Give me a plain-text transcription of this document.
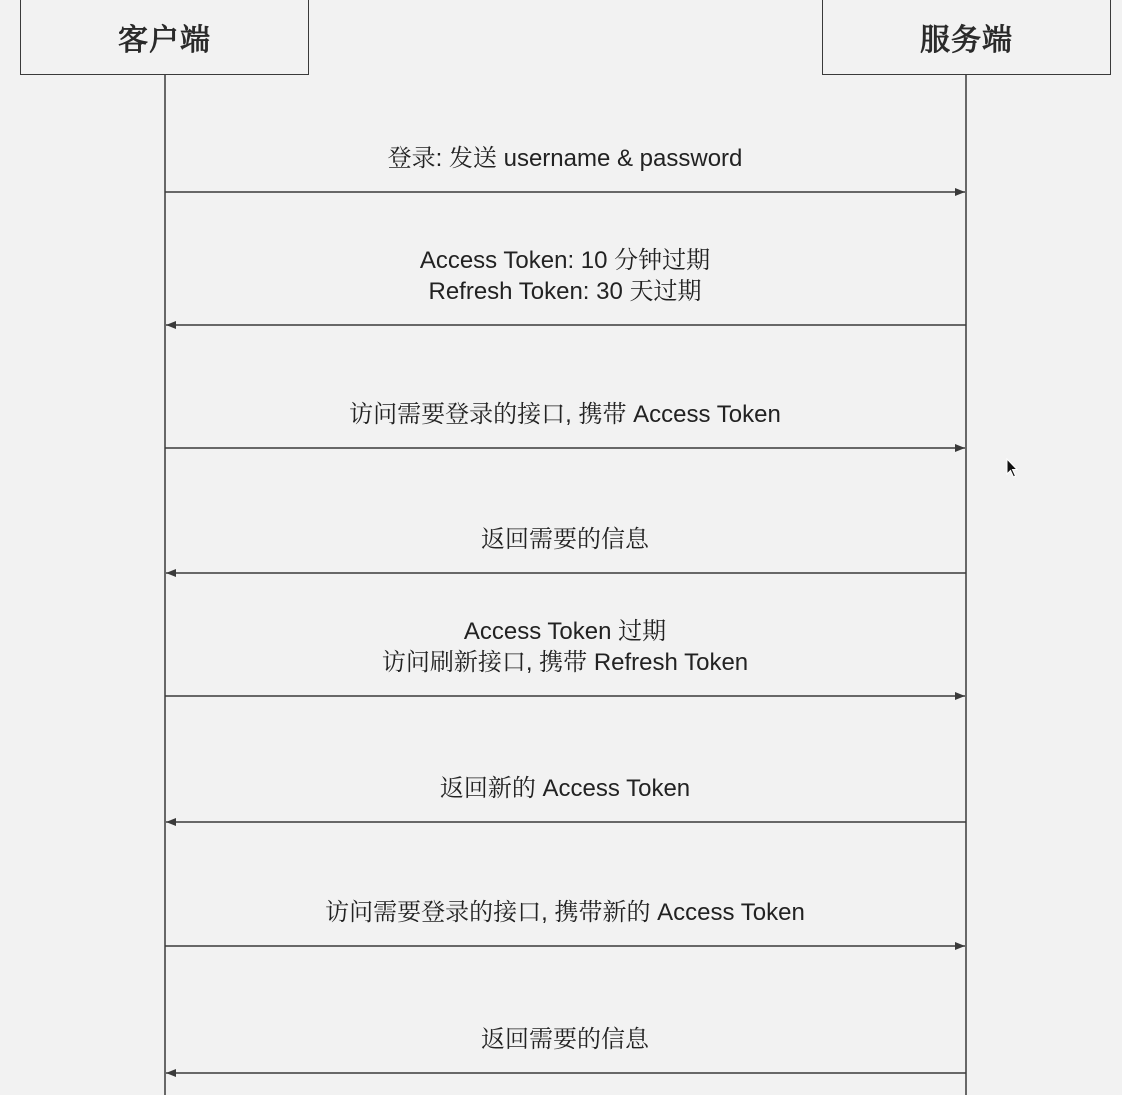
客户端	服务端
登录: 发送 username & password
Access Token: 10 分钟过期
Refresh Token: 30 天过期
访问需要登录的接口, 携带 Access Token
返回需要的信息
Access Token 过期
访问刷新接口, 携带 Refresh Token
返回新的 Access Token
访问需要登录的接口, 携带新的 Access Token
返回需要的信息
